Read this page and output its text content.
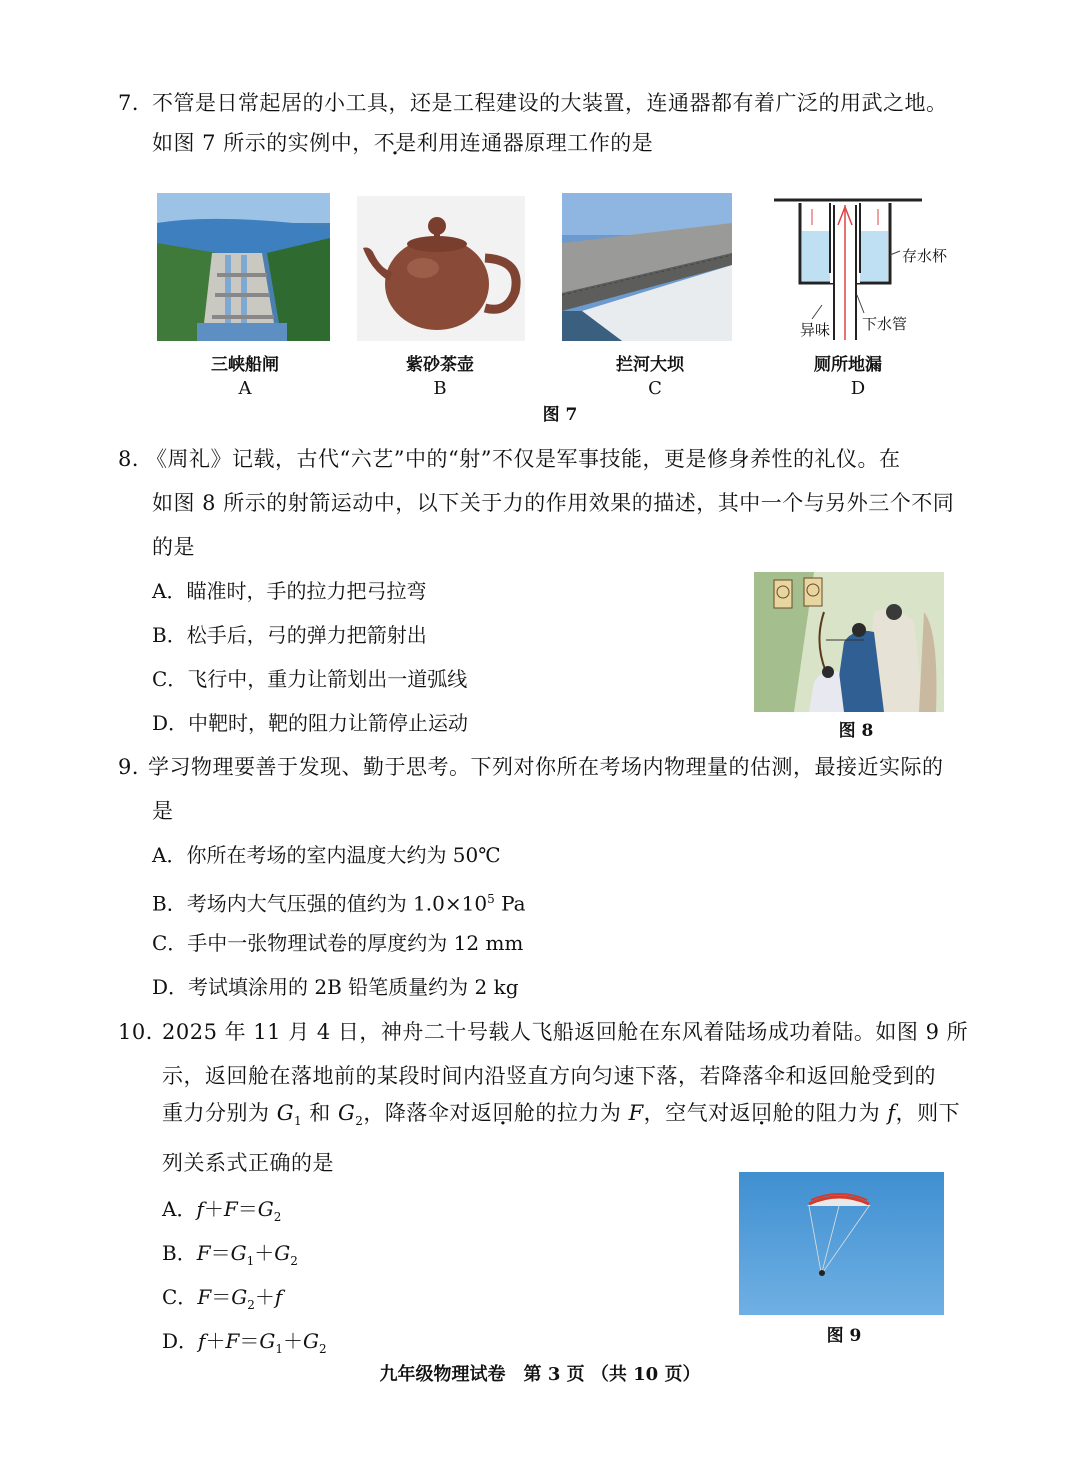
7．
不管是日常起居的小工具，还是工程建设的大装置，连通器都有着广泛的用武之地。
如图 7 所示的实例中，不是利用连通器原理工作的是
存水杯
异味 下水管
三峡船闸
A
紫砂茶壶
B
拦河大坝
C
厕所地漏
D
图 7
8．
《周礼》记载，古代“六艺”中的“射”不仅是军事技能，更是修身养性的礼仪。在
如图 8 所示的射箭运动中，以下关于力的作用效果的描述，其中一个与另外三个不同
的是
A．瞄准时，手的拉力把弓拉弯
B．松手后，弓的弹力把箭射出
C．飞行中，重力让箭划出一道弧线
D．中靶时，靶的阻力让箭停止运动	图 8
9．
学习物理要善于发现、勤于思考。下列对你所在考场内物理量的估测，最接近实际的
是
A．你所在考场的室内温度大约为 50℃
B．考场内大气压强的值约为 $1.0\times 10^5$ Pa
C．手中一张物理试卷的厚度约为 12 mm
D．考试填涂用的 2B 铅笔质量约为 2 kg
10．
2025 年 11 月 4 日，神舟二十号载人飞船返回舱在东风着陆场成功着陆。如图 9 所
示，返回舱在落地前的某段时间内沿竖直方向匀速下落，若降落伞和返回舱受到的
重力分别为 $G_1$ 和 $G_2$，降落伞对返回舱的拉力为 F，空气对返回舱的阻力为 f，则下
列关系式正确的是
A．$f+F=G_2$
B．$F=G_1+G_2$
C．$F=G_2+f$
D．$f+F=G_1+G_2$
图 9
九年级物理试卷　第 3 页 （共 10 页）
